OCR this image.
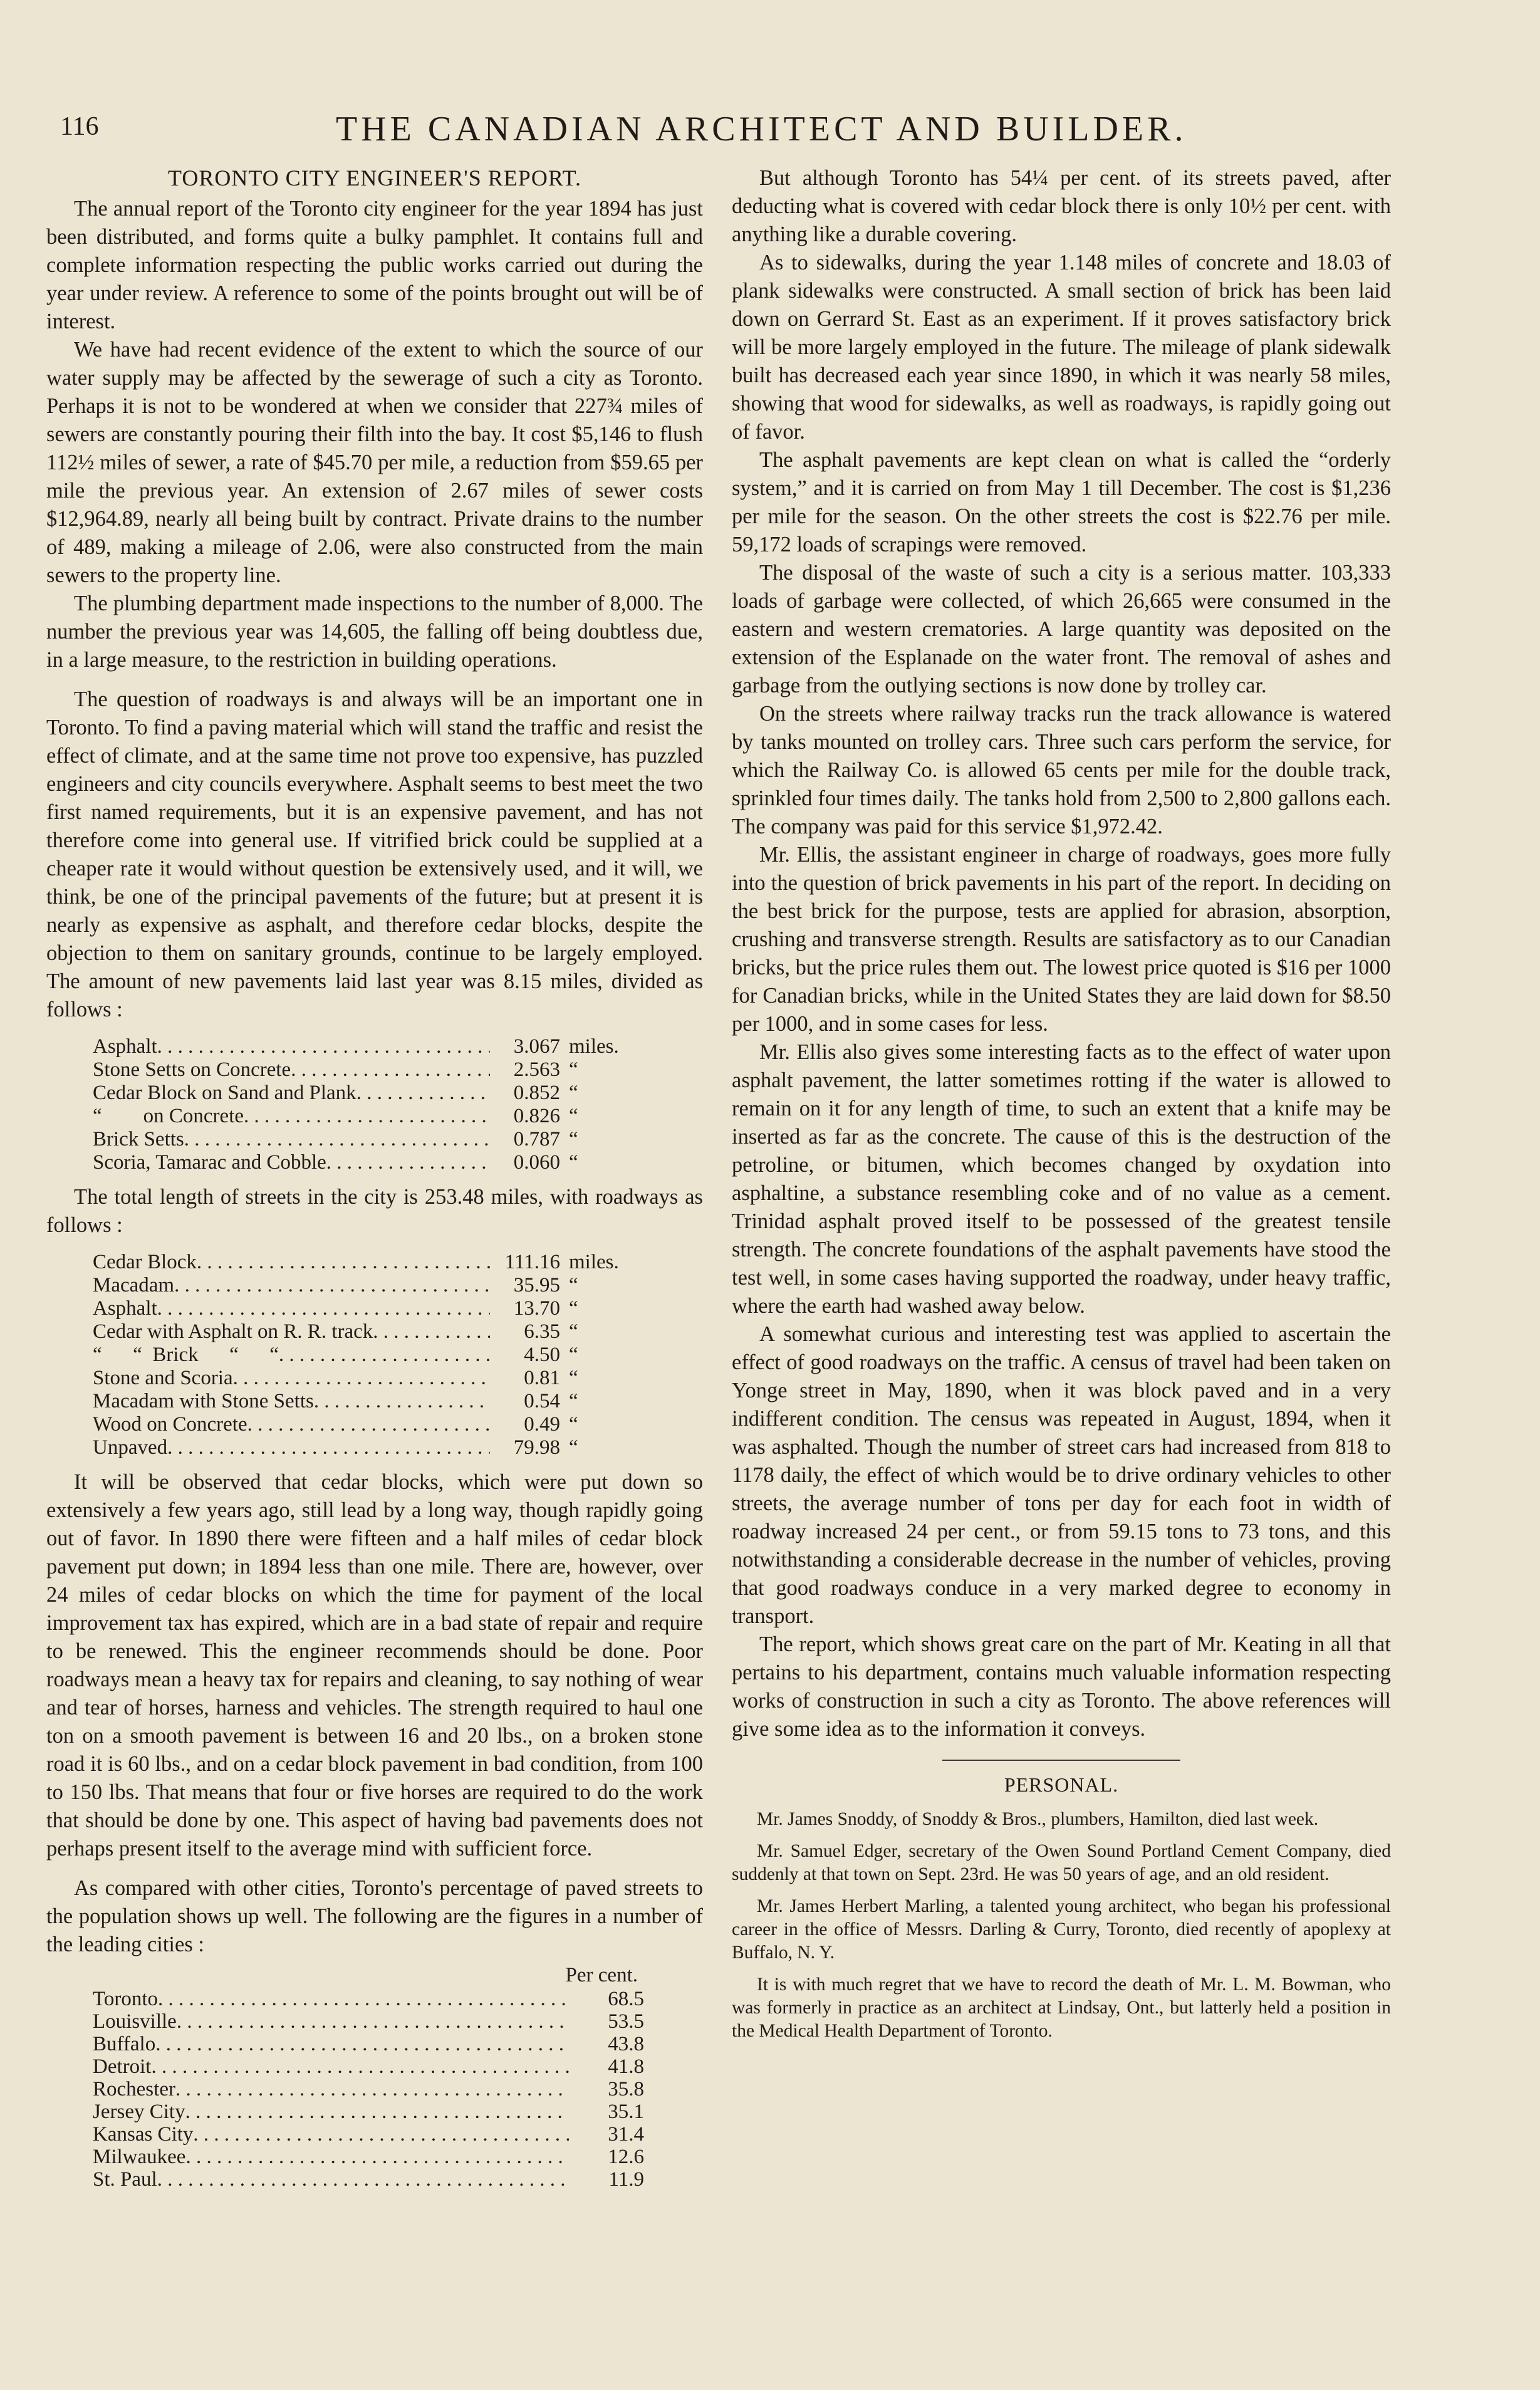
116	THE CANADIAN ARCHITECT AND BUILDER.
TORONTO CITY ENGINEER'S REPORT.

The annual report of the Toronto city engineer for the year 1894 has just been distributed, and forms quite a bulky pamphlet. It contains full and complete information respecting the public works carried out during the year under review. A reference to some of the points brought out will be of interest.

We have had recent evidence of the extent to which the source of our water supply may be affected by the sewerage of such a city as Toronto. Perhaps it is not to be wondered at when we consider that 227¾ miles of sewers are constantly pouring their filth into the bay. It cost $5,146 to flush 112½ miles of sewer, a rate of $45.70 per mile, a reduction from $59.65 per mile the previous year. An extension of 2.67 miles of sewer costs $12,964.89, nearly all being built by contract. Private drains to the number of 489, making a mileage of 2.06, were also constructed from the main sewers to the property line.

The plumbing department made inspections to the number of 8,000. The number the previous year was 14,605, the falling off being doubtless due, in a large measure, to the restriction in building operations.

The question of roadways is and always will be an important one in Toronto. To find a paving material which will stand the traffic and resist the effect of climate, and at the same time not prove too expensive, has puzzled engineers and city councils everywhere. Asphalt seems to best meet the two first named requirements, but it is an expensive pavement, and has not therefore come into general use. If vitrified brick could be supplied at a cheaper rate it would without question be extensively used, and it will, we think, be one of the principal pavements of the future; but at present it is nearly as expensive as asphalt, and therefore cedar blocks, despite the objection to them on sanitary grounds, continue to be largely employed. The amount of new pavements laid last year was 8.15 miles, divided as follows :

Asphalt . . .	3.067 miles.
Stone Setts on Concrete . . .	2.563 “
Cedar Block on Sand and Plank . . .	0.852 “
“        on Concrete . . .	0.826 “
Brick Setts . . .	0.787 “
Scoria, Tamarac and Cobble . . .	0.060 “

The total length of streets in the city is 253.48 miles, with roadways as follows :

Cedar Block . . .	111.16 miles.
Macadam . . .	35.95 “
Asphalt . . .	13.70 “
Cedar with Asphalt on R. R. track . . .	6.35 “
“      “  Brick      “      “ . . .	4.50 “
Stone and Scoria . . .	0.81 “
Macadam with Stone Setts . . .	0.54 “
Wood on Concrete . . .	0.49 “
Unpaved . . .	79.98 “

It will be observed that cedar blocks, which were put down so extensively a few years ago, still lead by a long way, though rapidly going out of favor. In 1890 there were fifteen and a half miles of cedar block pavement put down; in 1894 less than one mile. There are, however, over 24 miles of cedar blocks on which the time for payment of the local improvement tax has expired, which are in a bad state of repair and require to be renewed. This the engineer recommends should be done. Poor roadways mean a heavy tax for repairs and cleaning, to say nothing of wear and tear of horses, harness and vehicles. The strength required to haul one ton on a smooth pavement is between 16 and 20 lbs., on a broken stone road it is 60 lbs., and on a cedar block pavement in bad condition, from 100 to 150 lbs. That means that four or five horses are required to do the work that should be done by one. This aspect of having bad pavements does not perhaps present itself to the average mind with sufficient force.

As compared with other cities, Toronto's percentage of paved streets to the population shows up well. The following are the figures in a number of the leading cities :

Per cent.
Toronto . . .	68.5
Louisville . . .	53.5
Buffalo . . .	43.8
Detroit . . .	41.8
Rochester . . .	35.8
Jersey City . . .	35.1
Kansas City . . .	31.4
Milwaukee . . .	12.6
St. Paul . . .	11.9

But although Toronto has 54¼ per cent. of its streets paved, after deducting what is covered with cedar block there is only 10½ per cent. with anything like a durable covering.

As to sidewalks, during the year 1.148 miles of concrete and 18.03 of plank sidewalks were constructed. A small section of brick has been laid down on Gerrard St. East as an experiment. If it proves satisfactory brick will be more largely employed in the future. The mileage of plank sidewalk built has decreased each year since 1890, in which it was nearly 58 miles, showing that wood for sidewalks, as well as roadways, is rapidly going out of favor.

The asphalt pavements are kept clean on what is called the “orderly system,” and it is carried on from May 1 till December. The cost is $1,236 per mile for the season. On the other streets the cost is $22.76 per mile. 59,172 loads of scrapings were removed.

The disposal of the waste of such a city is a serious matter. 103,333 loads of garbage were collected, of which 26,665 were consumed in the eastern and western crematories. A large quantity was deposited on the extension of the Esplanade on the water front. The removal of ashes and garbage from the outlying sections is now done by trolley car.

On the streets where railway tracks run the track allowance is watered by tanks mounted on trolley cars. Three such cars perform the service, for which the Railway Co. is allowed 65 cents per mile for the double track, sprinkled four times daily. The tanks hold from 2,500 to 2,800 gallons each. The company was paid for this service $1,972.42.

Mr. Ellis, the assistant engineer in charge of roadways, goes more fully into the question of brick pavements in his part of the report. In deciding on the best brick for the purpose, tests are applied for abrasion, absorption, crushing and transverse strength. Results are satisfactory as to our Canadian bricks, but the price rules them out. The lowest price quoted is $16 per 1000 for Canadian bricks, while in the United States they are laid down for $8.50 per 1000, and in some cases for less.

Mr. Ellis also gives some interesting facts as to the effect of water upon asphalt pavement, the latter sometimes rotting if the water is allowed to remain on it for any length of time, to such an extent that a knife may be inserted as far as the concrete. The cause of this is the destruction of the petroline, or bitumen, which becomes changed by oxydation into asphaltine, a substance resembling coke and of no value as a cement. Trinidad asphalt proved itself to be possessed of the greatest tensile strength. The concrete foundations of the asphalt pavements have stood the test well, in some cases having supported the roadway, under heavy traffic, where the earth had washed away below.

A somewhat curious and interesting test was applied to ascertain the effect of good roadways on the traffic. A census of travel had been taken on Yonge street in May, 1890, when it was block paved and in a very indifferent condition. The census was repeated in August, 1894, when it was asphalted. Though the number of street cars had increased from 818 to 1178 daily, the effect of which would be to drive ordinary vehicles to other streets, the average number of tons per day for each foot in width of roadway increased 24 per cent., or from 59.15 tons to 73 tons, and this notwithstanding a considerable decrease in the number of vehicles, proving that good roadways conduce in a very marked degree to economy in transport.

The report, which shows great care on the part of Mr. Keating in all that pertains to his department, contains much valuable information respecting works of construction in such a city as Toronto. The above references will give some idea as to the information it conveys.

PERSONAL.

Mr. James Snoddy, of Snoddy & Bros., plumbers, Hamilton, died last week.

Mr. Samuel Edger, secretary of the Owen Sound Portland Cement Company, died suddenly at that town on Sept. 23rd. He was 50 years of age, and an old resident.

Mr. James Herbert Marling, a talented young architect, who began his professional career in the office of Messrs. Darling & Curry, Toronto, died recently of apoplexy at Buffalo, N. Y.

It is with much regret that we have to record the death of Mr. L. M. Bowman, who was formerly in practice as an architect at Lindsay, Ont., but latterly held a position in the Medical Health Department of Toronto.
